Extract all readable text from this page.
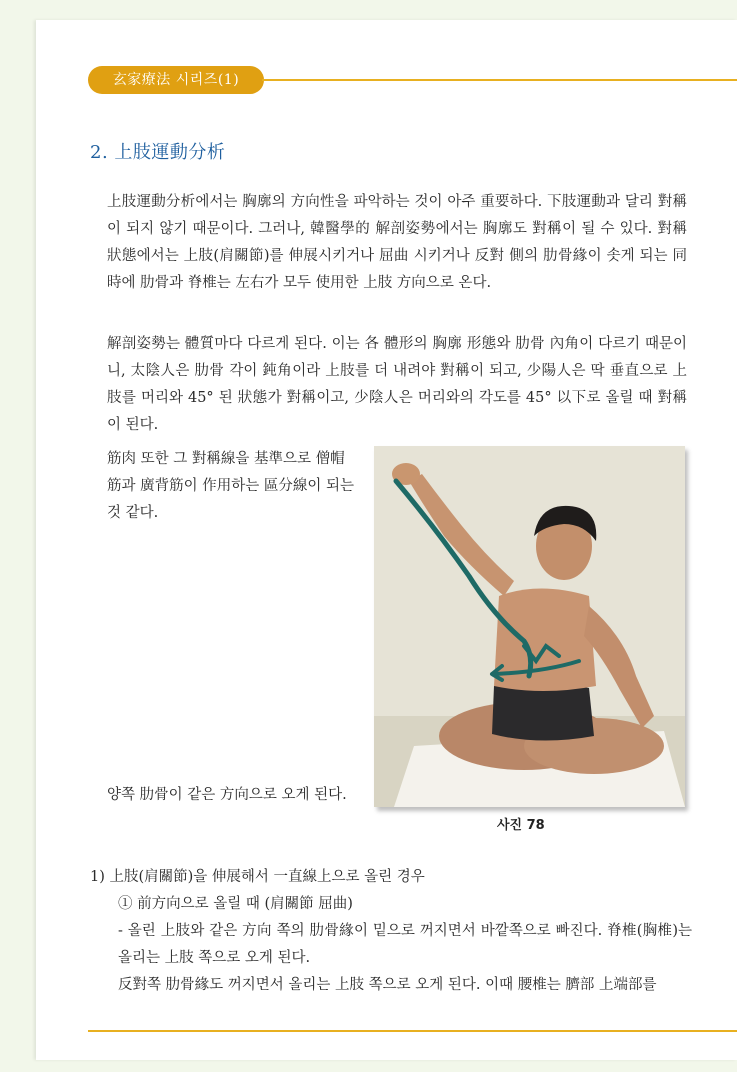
玄家療法 시리즈(1)
2. 上肢運動分析

上肢運動分析에서는 胸廓의 方向性을 파악하는 것이 아주 重要하다. 下肢運動과 달리 對稱이 되지 않기 때문이다. 그러나, 韓醫學的 解剖姿勢에서는 胸廓도 對稱이 될 수 있다. 對稱狀態에서는 上肢(肩關節)를 伸展시키거나 屈曲 시키거나 反對 側의 肋骨緣이 솟게 되는 同時에 肋骨과 脊椎는 左右가 모두 使用한 上肢 方向으로 온다.

解剖姿勢는 體質마다 다르게 된다. 이는 各 體形의 胸廓 形態와 肋骨 內角이 다르기 때문이니, 太陰人은 肋骨 각이 鈍角이라 上肢를 더 내려야 對稱이 되고, 少陽人은 딱 垂直으로 上肢를 머리와 45° 된 狀態가 對稱이고, 少陰人은 머리와의 각도를 45° 以下로 올릴 때 對稱이 된다.

筋肉 또한 그 對稱線을 基準으로 僧帽筋과 廣背筋이 作用하는 區分線이 되는 것 같다.

양쪽 肋骨이 같은 方向으로 오게 된다.

사진 78

1) 上肢(肩關節)을 伸展해서 一直線上으로 올린 경우

① 前方向으로 올릴 때 (肩關節 屈曲)

- 올린 上肢와 같은 方向 쪽의 肋骨緣이 밑으로 꺼지면서 바깥쪽으로 빠진다. 脊椎(胸椎)는 올리는 上肢 쪽으로 오게 된다.

反對쪽 肋骨緣도 꺼지면서 올리는 上肢 쪽으로 오게 된다. 이때 腰椎는 臍部 上端部를
